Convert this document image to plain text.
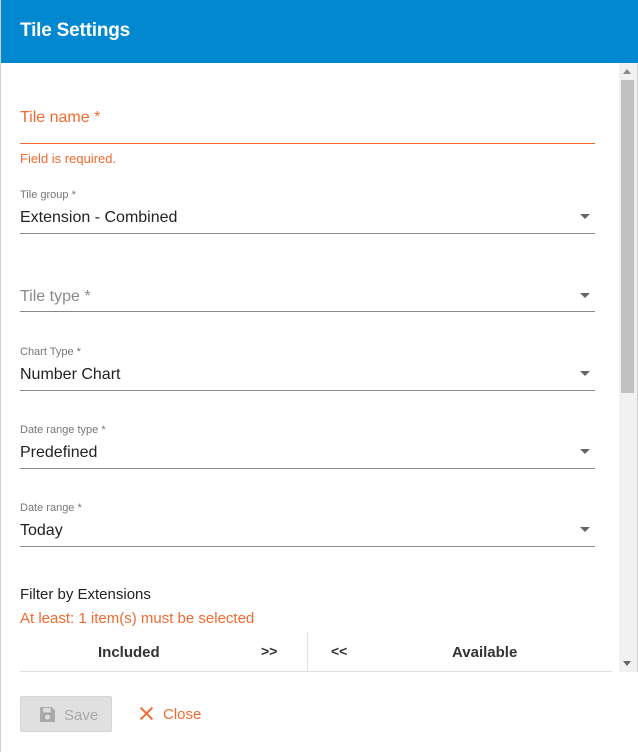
Tile Settings
Tile name *
Field is required.
Tile group *
Extension - Combined
Tile type *
Chart Type *
Number Chart
Date range type *
Predefined
Date range *
Today
Filter by Extensions
At least: 1 item(s) must be selected
Included	>>	<<	Available
Save	Close
